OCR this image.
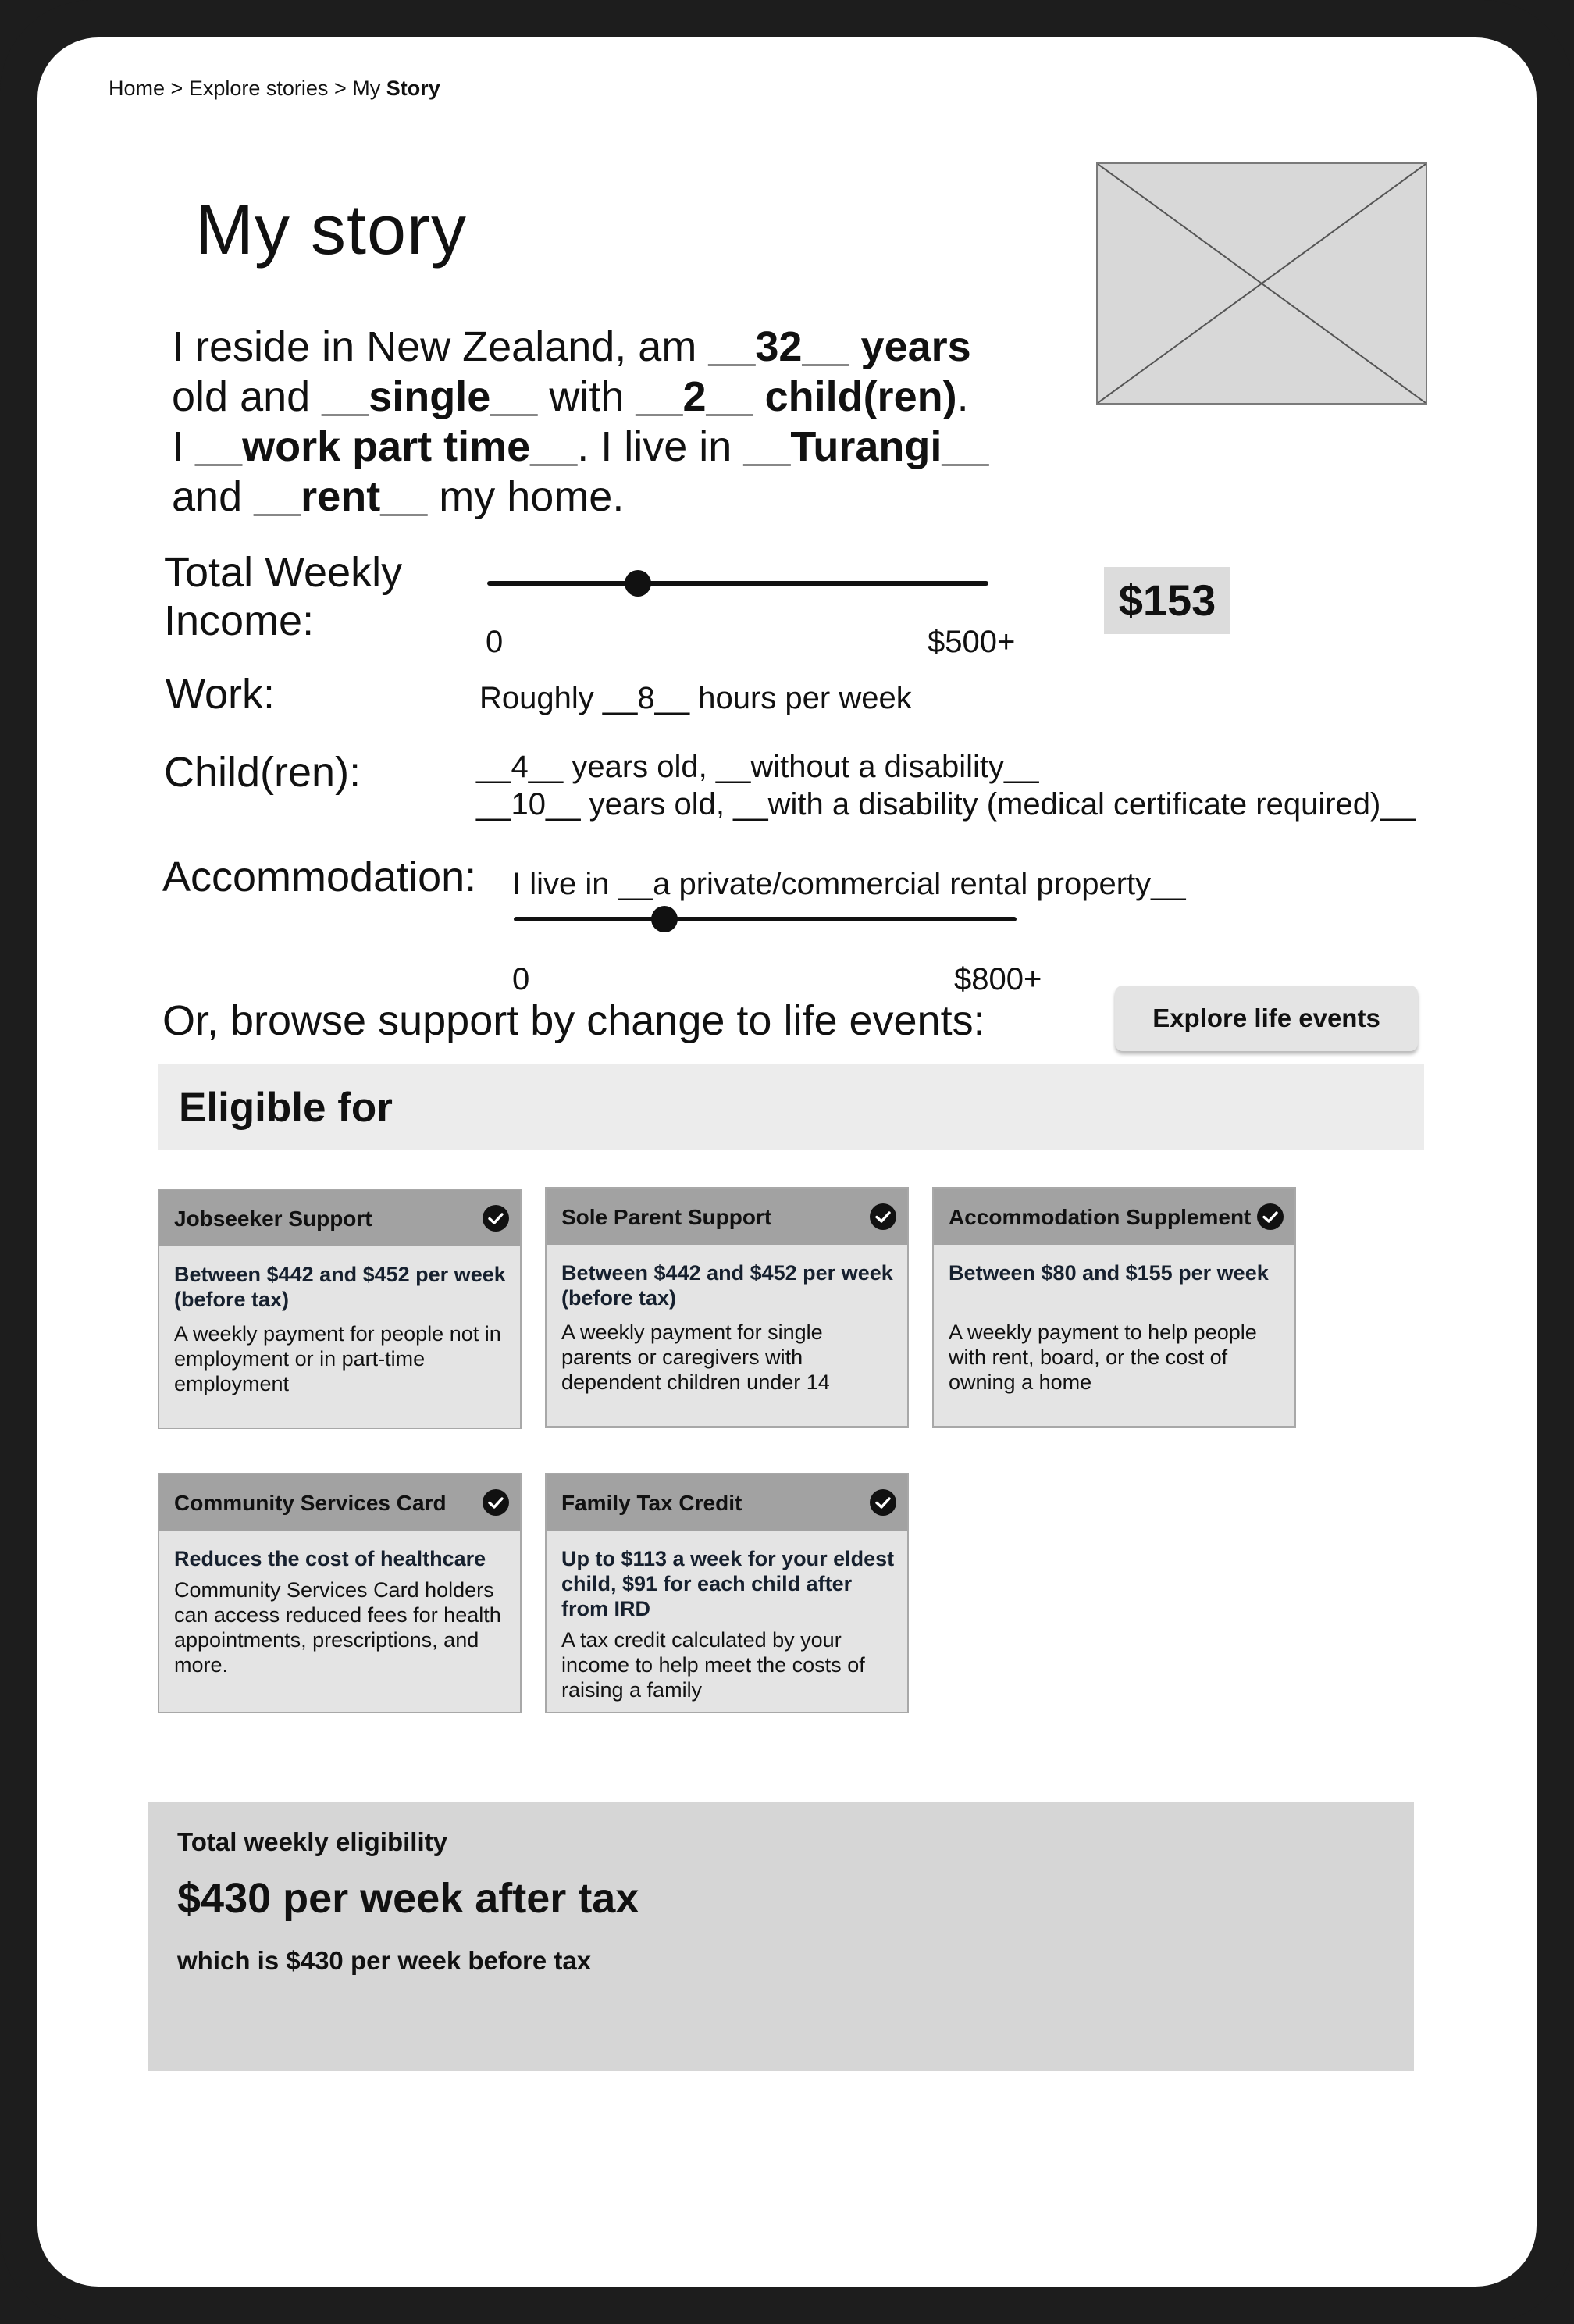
Home > Explore stories > My Story
My story

I reside in New Zealand, am __32__ years old and __single__ with __2__ child(ren). I __work part time__. I live in __Turangi__ and __rent__ my home.

Total Weekly
Income:	0	$500+
$153
Work:	Roughly __8__ hours per week
Child(ren):	__4__ years old, __without a disability__
__10__ years old, __with a disability (medical certificate required)__
Accommodation: I live in __a private/commercial rental property__
0	$800+
Or, browse support by change to life events:	Explore life events
Eligible for
Jobseeker Support
Between $442 and $452 per week (before tax)
A weekly payment for people not in employment or in part-time employment
Sole Parent Support
Between $442 and $452 per week (before tax)
A weekly payment for single parents or caregivers with dependent children under 14
Accommodation Supplement
Between $80 and $155 per week
A weekly payment to help people with rent, board, or the cost of owning a home
Community Services Card
Reduces the cost of healthcare
Community Services Card holders can access reduced fees for health appointments, prescriptions, and more.
Family Tax Credit
Up to $113 a week for your eldest child, $91 for each child after from IRD
A tax credit calculated by your income to help meet the costs of raising a family
Total weekly eligibility
$430 per week after tax
which is $430 per week before tax
